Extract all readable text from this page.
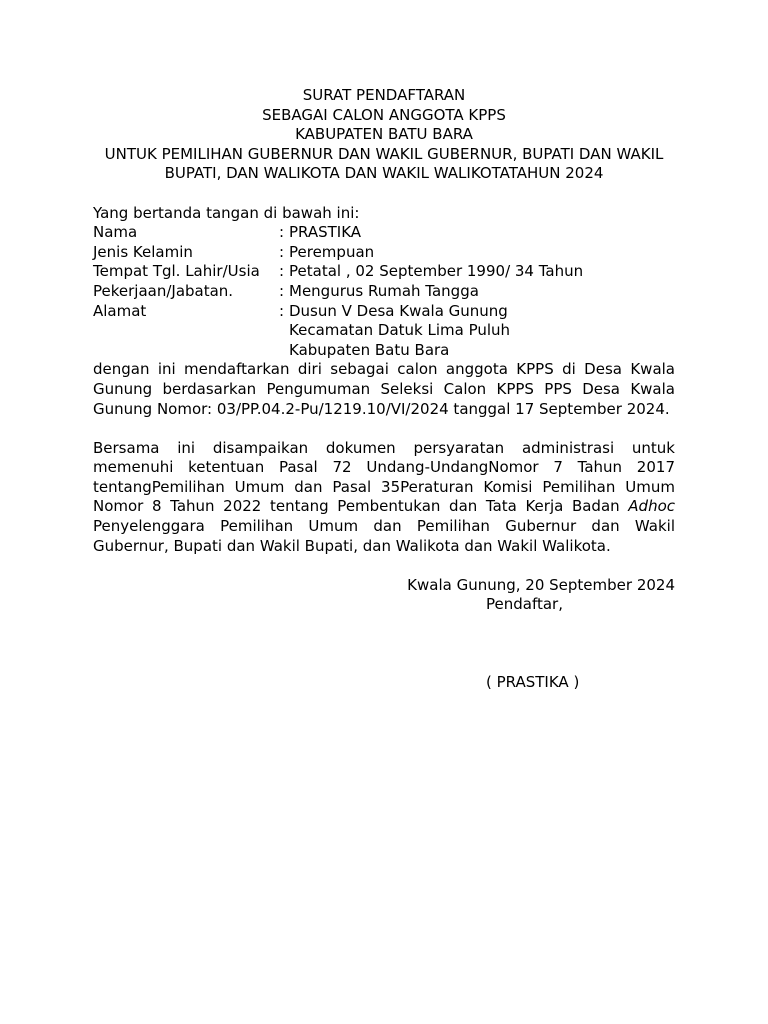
SURAT PENDAFTARAN
SEBAGAI CALON ANGGOTA KPPS
KABUPATEN BATU BARA
UNTUK PEMILIHAN GUBERNUR DAN WAKIL GUBERNUR, BUPATI DAN WAKIL BUPATI, DAN WALIKOTA DAN WAKIL WALIKOTATAHUN 2024
Yang bertanda tangan di bawah ini:
Nama	: PRASTIKA
Jenis Kelamin	: Perempuan
Tempat Tgl. Lahir/Usia	: Petatal , 02 September 1990/ 34 Tahun
Pekerjaan/Jabatan.	: Mengurus Rumah Tangga
Alamat	: Dusun V Desa Kwala Gunung
Kecamatan Datuk Lima Puluh
Kabupaten Batu Bara

dengan ini mendaftarkan diri sebagai calon anggota KPPS di Desa Kwala Gunung berdasarkan Pengumuman Seleksi Calon KPPS PPS Desa Kwala Gunung Nomor: 03/PP.04.2-Pu/1219.10/VI/2024 tanggal 17 September 2024.

Bersama ini disampaikan dokumen persyaratan administrasi untuk memenuhi ketentuan Pasal 72 Undang-UndangNomor 7 Tahun 2017 tentangPemilihan Umum dan Pasal 35Peraturan Komisi Pemilihan Umum Nomor 8 Tahun 2022 tentang Pembentukan dan Tata Kerja Badan Adhoc Penyelenggara Pemilihan Umum dan Pemilihan Gubernur dan Wakil Gubernur, Bupati dan Wakil Bupati, dan Walikota dan Wakil Walikota.

Kwala Gunung, 20 September 2024
Pendaftar,
( PRASTIKA )
